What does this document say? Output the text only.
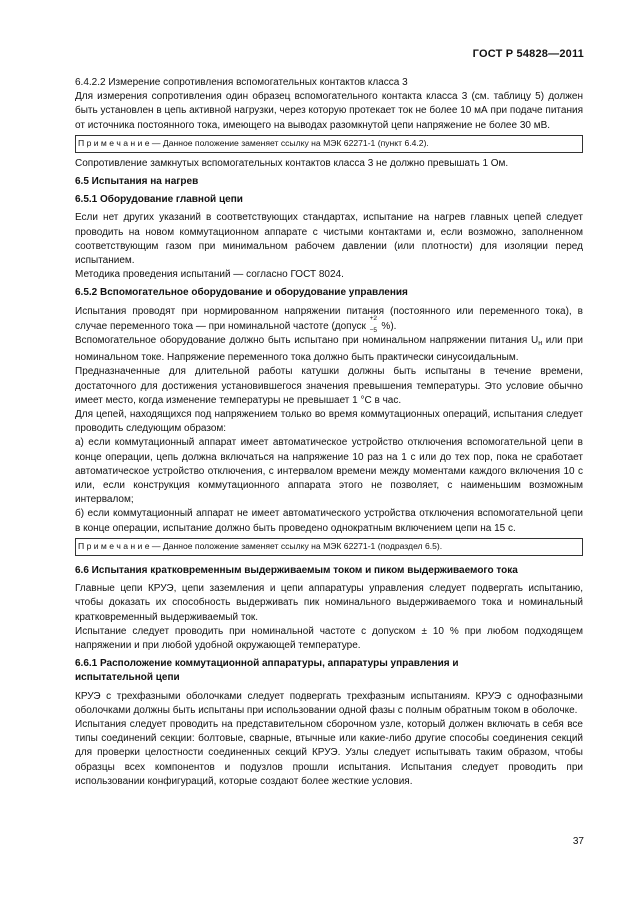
ГОСТ Р 54828—2011

6.4.2.2 Измерение сопротивления вспомогательных контактов класса 3

Для измерения сопротивления один образец вспомогательного контакта класса 3 (см. таблицу 5) должен быть установлен в цепь активной нагрузки, через которую протекает ток не более 10 мА при подаче питания от источника постоянного тока, имеющего на выводах разомкнутой цепи напряжение не более 30 мВ.

П р и м е ч а н и е — Данное положение заменяет ссылку на МЭК 62271-1 (пункт 6.4.2).

Сопротивление замкнутых вспомогательных контактов класса 3 не должно превышать 1 Ом.

6.5 Испытания на нагрев

6.5.1 Оборудование главной цепи

Если нет других указаний в соответствующих стандартах, испытание на нагрев главных цепей следует проводить на новом коммутационном аппарате с чистыми контактами и, если возможно, заполненном соответствующим газом при минимальном рабочем давлении (или плотности) для изоляции перед испытанием.

Методика проведения испытаний — согласно ГОСТ 8024.

6.5.2 Вспомогательное оборудование и оборудование управления

Испытания проводят при нормированном напряжении питания (постоянного или переменного тока), в случае переменного тока — при номинальной частоте (допуск
+2
−5 %).

Вспомогательное оборудование должно быть испытано при номинальном напряжении питания $U_н$ или при номинальном токе. Напряжение переменного тока должно быть практически синусоидальным.

Предназначенные для длительной работы катушки должны быть испытаны в течение времени, достаточного для достижения установившегося значения превышения температуры. Это условие обычно имеет место, когда изменение температуры не превышает 1 °C в час.

Для цепей, находящихся под напряжением только во время коммутационных операций, испытания следует проводить следующим образом:

а) если коммутационный аппарат имеет автоматическое устройство отключения вспомогательной цепи в конце операции, цепь должна включаться на напряжение 10 раз на 1 с или до тех пор, пока не сработает автоматическое устройство отключения, с интервалом времени между моментами каждого включения 10 с или, если конструкция коммутационного аппарата этого не позволяет, с наименьшим возможным интервалом;

б) если коммутационный аппарат не имеет автоматического устройства отключения вспомогательной цепи в конце операции, испытание должно быть проведено однократным включением цепи на 15 с.

П р и м е ч а н и е — Данное положение заменяет ссылку на МЭК 62271-1 (подраздел 6.5).

6.6 Испытания кратковременным выдерживаемым током и пиком выдерживаемого тока

Главные цепи КРУЭ, цепи заземления и цепи аппаратуры управления следует подвергать испытанию, чтобы доказать их способность выдерживать пик номинального выдерживаемого тока и номинальный кратковременный выдерживаемый ток.

Испытание следует проводить при номинальной частоте с допуском ± 10 % при любом подходящем напряжении и при любой удобной окружающей температуре.

6.6.1 Расположение коммутационной аппаратуры, аппаратуры управления и испытательной цепи

КРУЭ с трехфазными оболочками следует подвергать трехфазным испытаниям. КРУЭ с однофазными оболочками должны быть испытаны при использовании одной фазы с полным обратным током в оболочке.

Испытания следует проводить на представительном сборочном узле, который должен включать в себя все типы соединений секции: болтовые, сварные, втычные или какие-либо другие способы соединения секций для проверки целостности соединенных секций КРУЭ. Узлы следует испытывать таким образом, чтобы образцы всех компонентов и подузлов прошли испытания. Испытания следует проводить при использовании конфигураций, которые создают более жесткие условия.

37
